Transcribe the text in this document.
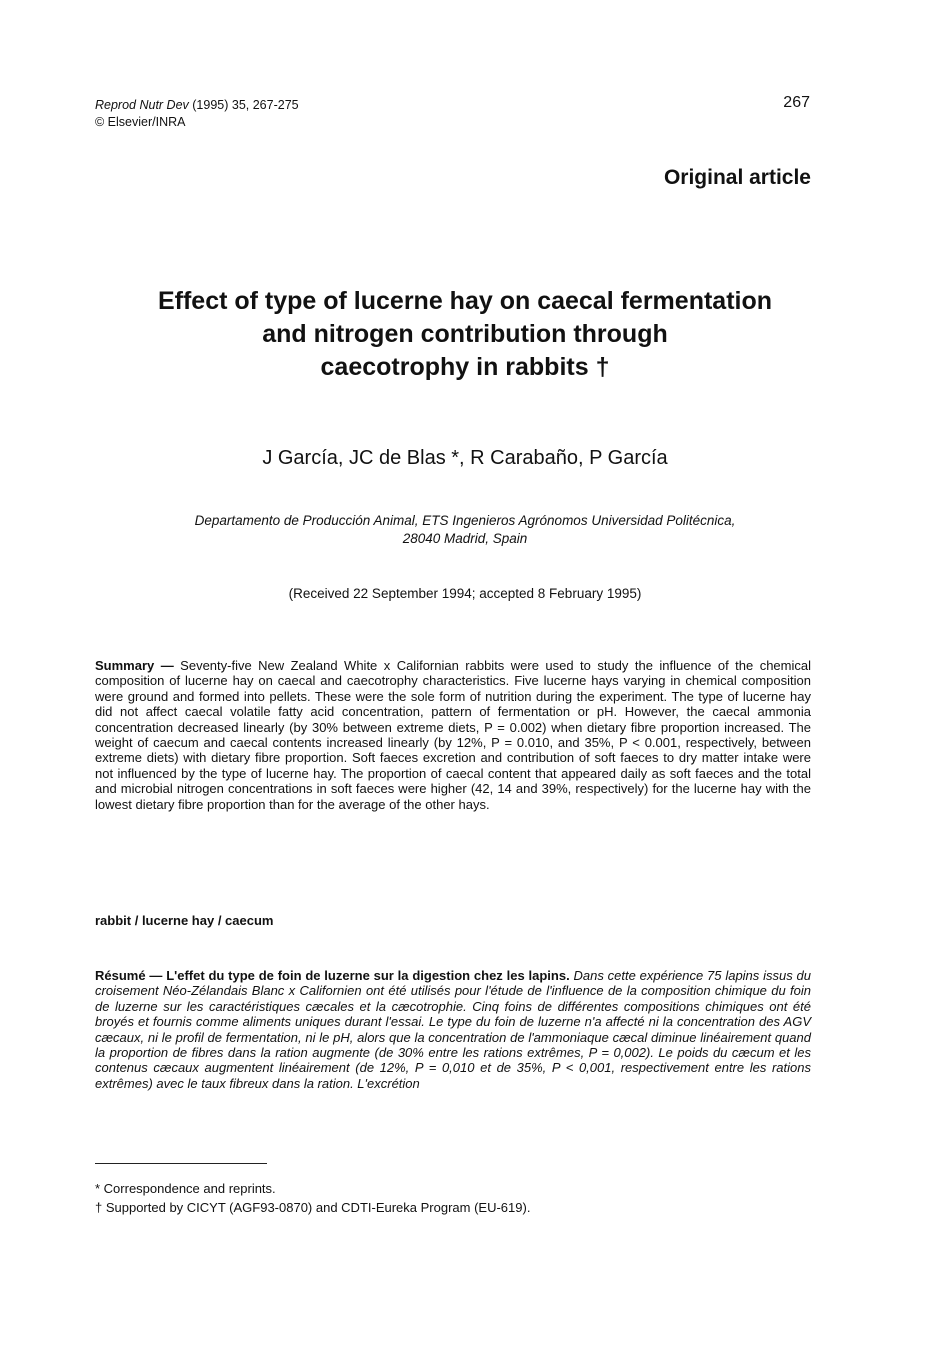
Reprod Nutr Dev (1995) 35, 267-275
© Elsevier/INRA
267
Original article
Effect of type of lucerne hay on caecal fermentation
and nitrogen contribution through
caecotrophy in rabbits †
J García, JC de Blas *, R Carabaño, P García
Departamento de Producción Animal, ETS Ingenieros Agrónomos Universidad Politécnica,
28040 Madrid, Spain
(Received 22 September 1994; accepted 8 February 1995)

Summary — Seventy-five New Zealand White x Californian rabbits were used to study the influence of the chemical composition of lucerne hay on caecal and caecotrophy characteristics. Five lucerne hays varying in chemical composition were ground and formed into pellets. These were the sole form of nutrition during the experiment. The type of lucerne hay did not affect caecal volatile fatty acid concentration, pattern of fermentation or pH. However, the caecal ammonia concentration decreased linearly (by 30% between extreme diets, P = 0.002) when dietary fibre proportion increased. The weight of caecum and caecal contents increased linearly (by 12%, P = 0.010, and 35%, P < 0.001, respectively, between extreme diets) with dietary fibre proportion. Soft faeces excretion and contribution of soft faeces to dry matter intake were not influenced by the type of lucerne hay. The proportion of caecal content that appeared daily as soft faeces and the total and microbial nitrogen concentrations in soft faeces were higher (42, 14 and 39%, respectively) for the lucerne hay with the lowest dietary fibre proportion than for the average of the other hays.

rabbit / lucerne hay / caecum

Résumé — L'effet du type de foin de luzerne sur la digestion chez les lapins. Dans cette expérience 75 lapins issus du croisement Néo-Zélandais Blanc x Californien ont été utilisés pour l'étude de l'influence de la composition chimique du foin de luzerne sur les caractéristiques cæcales et la cæcotrophie. Cinq foins de différentes compositions chimiques ont été broyés et fournis comme aliments uniques durant l'essai. Le type du foin de luzerne n'a affecté ni la concentration des AGV cæcaux, ni le profil de fermentation, ni le pH, alors que la concentration de l'ammoniaque cæcal diminue linéairement quand la proportion de fibres dans la ration augmente (de 30% entre les rations extrêmes, P = 0,002). Le poids du cæcum et les contenus cæcaux augmentent linéairement (de 12%, P = 0,010 et de 35%, P < 0,001, respectivement entre les rations extrêmes) avec le taux fibreux dans la ration. L'excrétion

* Correspondence and reprints.
† Supported by CICYT (AGF93-0870) and CDTI-Eureka Program (EU-619).
